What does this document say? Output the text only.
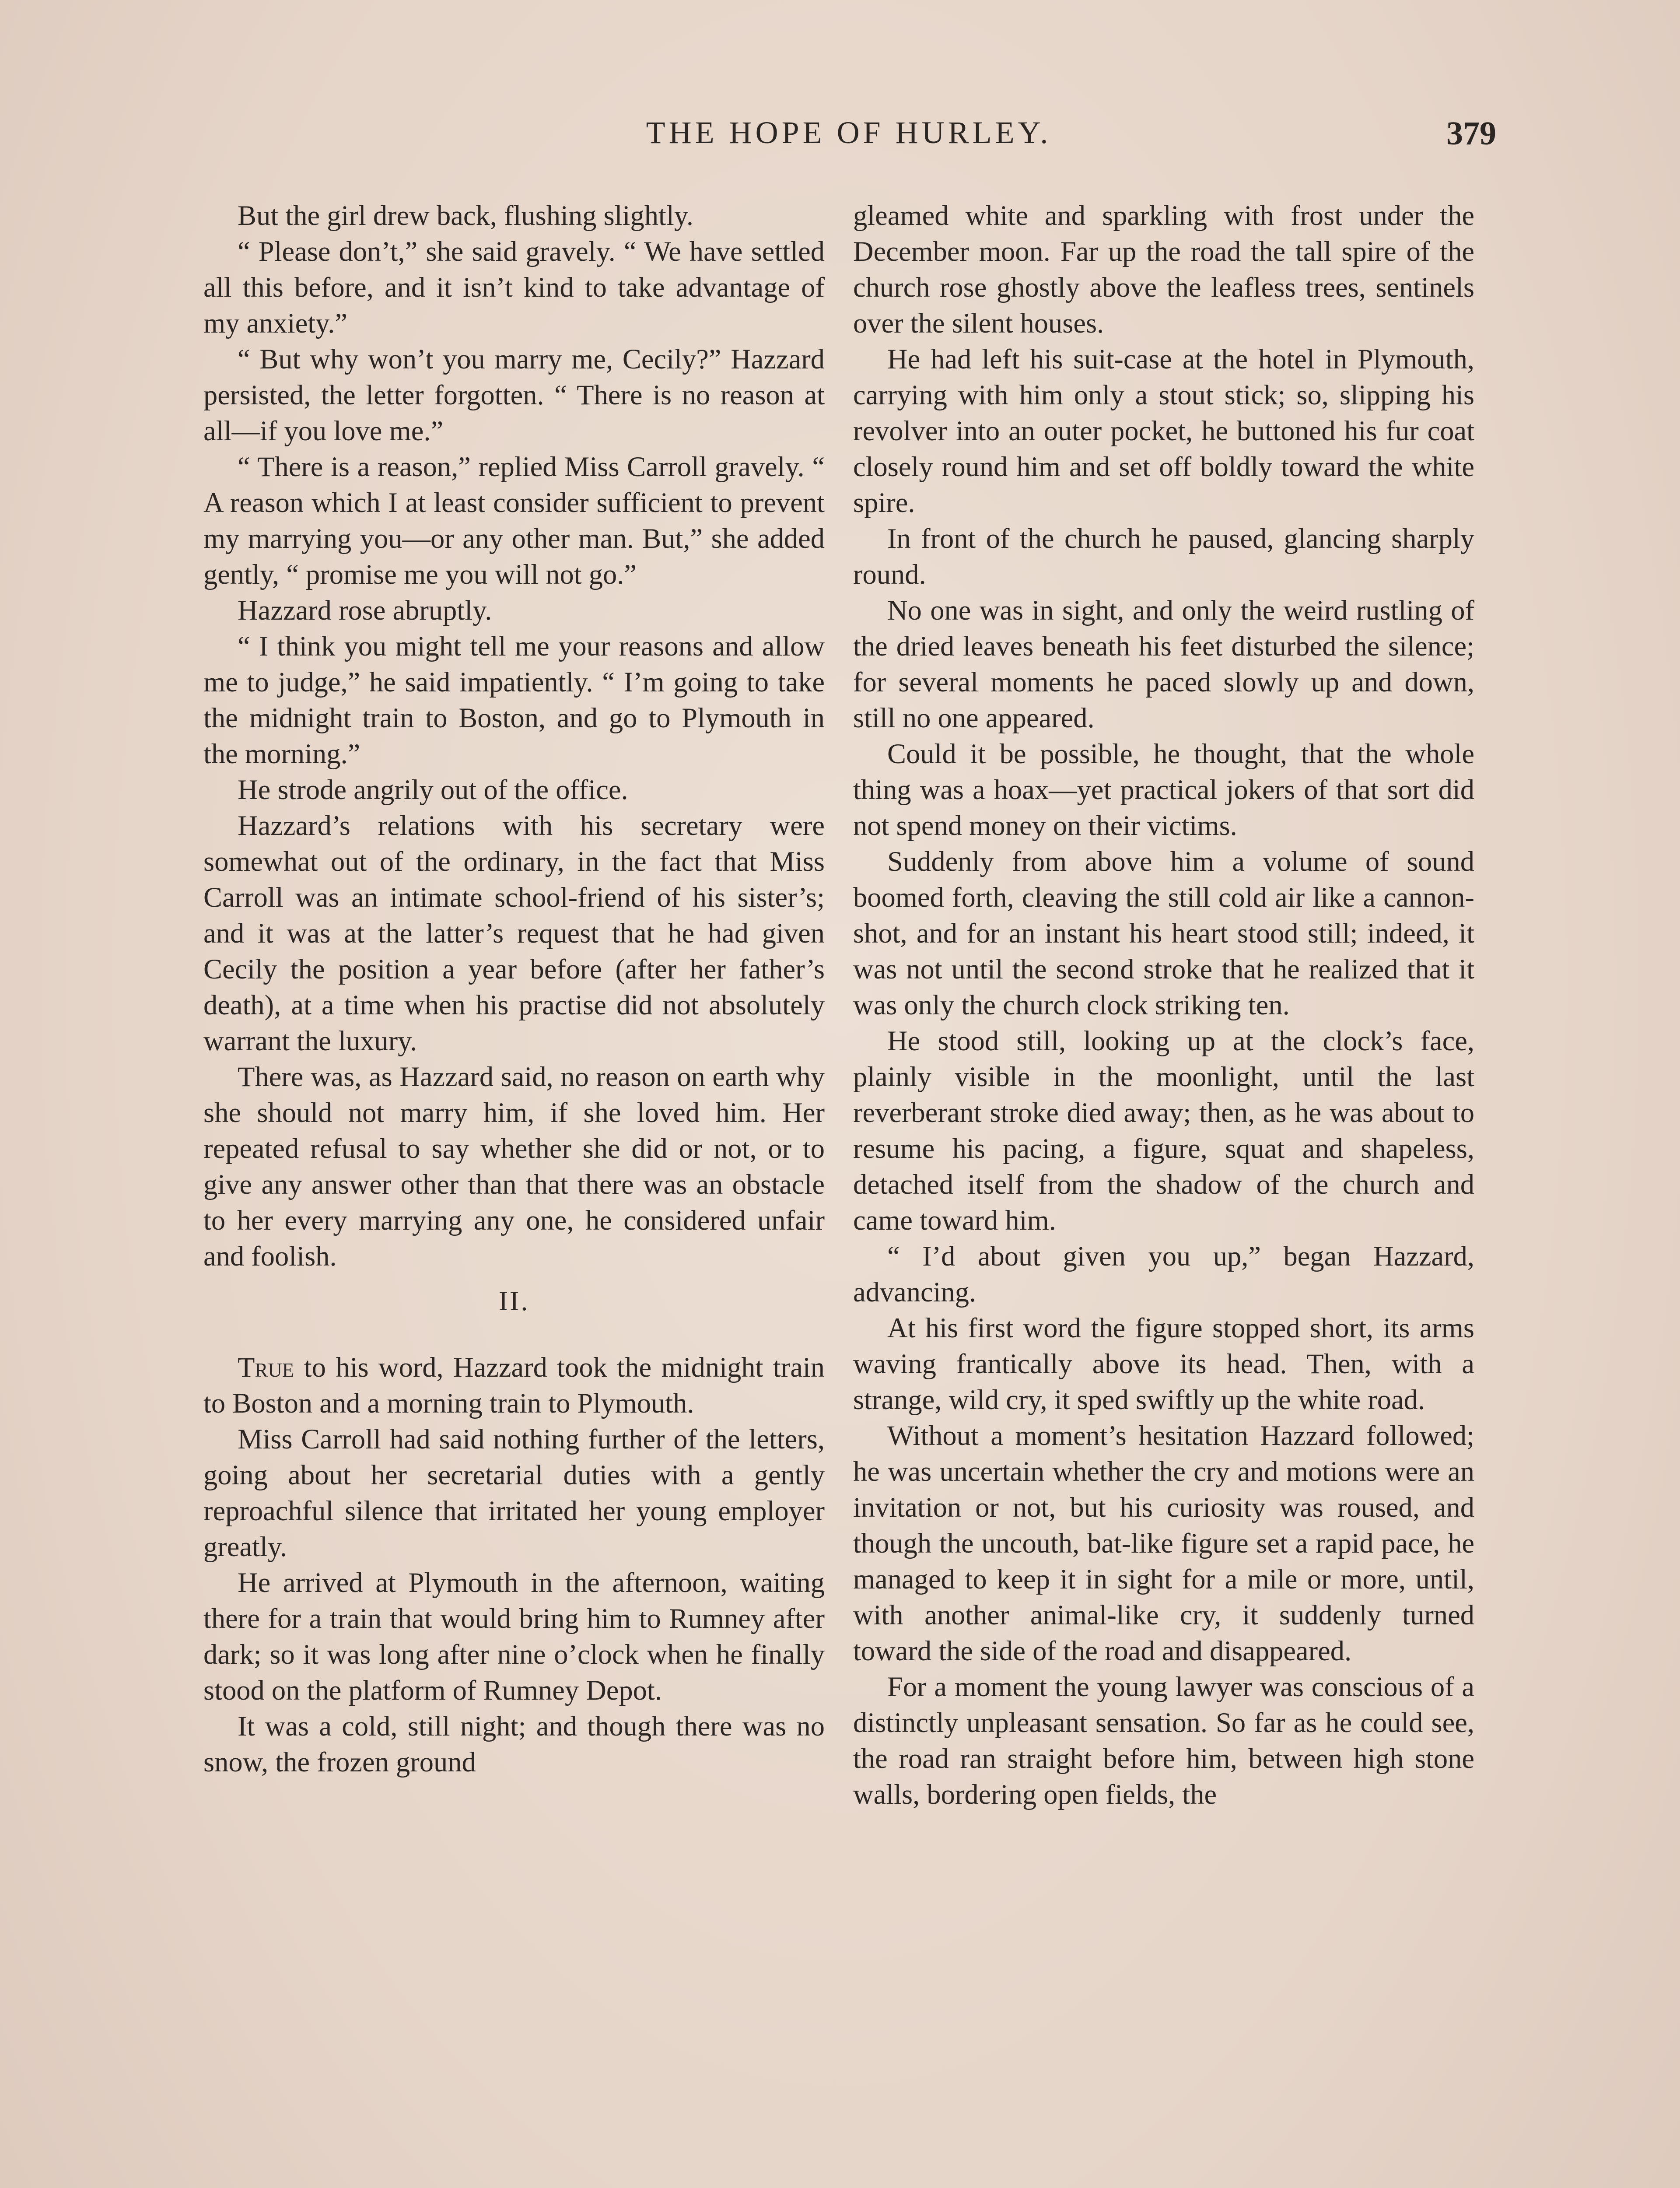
THE HOPE OF HURLEY.	379

But the girl drew back, flushing slightly.

“ Please don’t,” she said gravely. “ We have settled all this before, and it isn’t kind to take advantage of my anxiety.”

“ But why won’t you marry me, Cecily?” Hazzard persisted, the letter forgotten. “ There is no reason at all—if you love me.”

“ There is a reason,” replied Miss Carroll gravely. “ A reason which I at least consider sufficient to prevent my marrying you—or any other man. But,” she added gently, “ promise me you will not go.”

Hazzard rose abruptly.

“ I think you might tell me your reasons and allow me to judge,” he said impatiently. “ I’m going to take the midnight train to Boston, and go to Plymouth in the morning.”

He strode angrily out of the office.

Hazzard’s relations with his secretary were somewhat out of the ordinary, in the fact that Miss Carroll was an intimate school-friend of his sister’s; and it was at the latter’s request that he had given Cecily the position a year before (after her father’s death), at a time when his practise did not absolutely warrant the luxury.

There was, as Hazzard said, no reason on earth why she should not marry him, if she loved him. Her repeated refusal to say whether she did or not, or to give any answer other than that there was an obstacle to her every marrying any one, he considered unfair and foolish.

II.

True to his word, Hazzard took the midnight train to Boston and a morning train to Plymouth.

Miss Carroll had said nothing further of the letters, going about her secretarial duties with a gently reproachful silence that irritated her young employer greatly.

He arrived at Plymouth in the afternoon, waiting there for a train that would bring him to Rumney after dark; so it was long after nine o’clock when he finally stood on the platform of Rumney Depot.

It was a cold, still night; and though there was no snow, the frozen ground

gleamed white and sparkling with frost under the December moon. Far up the road the tall spire of the church rose ghostly above the leafless trees, sentinels over the silent houses.

He had left his suit-case at the hotel in Plymouth, carrying with him only a stout stick; so, slipping his revolver into an outer pocket, he buttoned his fur coat closely round him and set off boldly toward the white spire.

In front of the church he paused, glancing sharply round.

No one was in sight, and only the weird rustling of the dried leaves beneath his feet disturbed the silence; for several moments he paced slowly up and down, still no one appeared.

Could it be possible, he thought, that the whole thing was a hoax—yet practical jokers of that sort did not spend money on their victims.

Suddenly from above him a volume of sound boomed forth, cleaving the still cold air like a cannon-shot, and for an instant his heart stood still; indeed, it was not until the second stroke that he realized that it was only the church clock striking ten.

He stood still, looking up at the clock’s face, plainly visible in the moonlight, until the last reverberant stroke died away; then, as he was about to resume his pacing, a figure, squat and shapeless, detached itself from the shadow of the church and came toward him.

“ I’d about given you up,” began Hazzard, advancing.

At his first word the figure stopped short, its arms waving frantically above its head. Then, with a strange, wild cry, it sped swiftly up the white road.

Without a moment’s hesitation Hazzard followed; he was uncertain whether the cry and motions were an invitation or not, but his curiosity was roused, and though the uncouth, bat-like figure set a rapid pace, he managed to keep it in sight for a mile or more, until, with another animal-like cry, it suddenly turned toward the side of the road and disappeared.

For a moment the young lawyer was conscious of a distinctly unpleasant sensation. So far as he could see, the road ran straight before him, between high stone walls, bordering open fields, the
